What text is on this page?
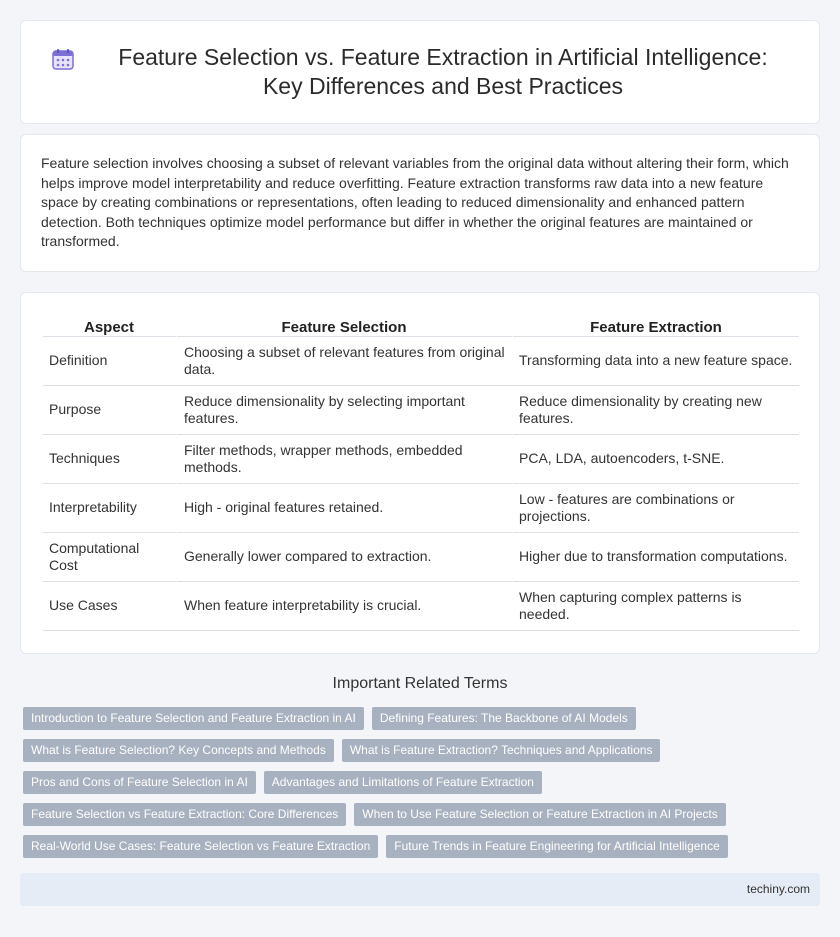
Feature Selection vs. Feature Extraction in Artificial Intelligence: Key Differences and Best Practices

Feature selection involves choosing a subset of relevant variables from the original data without altering their form, which helps improve model interpretability and reduce overfitting. Feature extraction transforms raw data into a new feature space by creating combinations or representations, often leading to reduced dimensionality and enhanced pattern detection. Both techniques optimize model performance but differ in whether the original features are maintained or transformed.

Aspect	Feature Selection	Feature Extraction
Definition	Choosing a subset of relevant features from original data.	Transforming data into a new feature space.
Purpose	Reduce dimensionality by selecting important features.	Reduce dimensionality by creating new features.
Techniques	Filter methods, wrapper methods, embedded methods.	PCA, LDA, autoencoders, t-SNE.
Interpretability	High - original features retained.	Low - features are combinations or projections.
Computational Cost	Generally lower compared to extraction.	Higher due to transformation computations.
Use Cases	When feature interpretability is crucial.	When capturing complex patterns is needed.
Important Related Terms
Introduction to Feature Selection and Feature Extraction in AI	Defining Features: The Backbone of AI Models
What is Feature Selection? Key Concepts and Methods	What is Feature Extraction? Techniques and Applications
Pros and Cons of Feature Selection in AI	Advantages and Limitations of Feature Extraction
Feature Selection vs Feature Extraction: Core Differences	When to Use Feature Selection or Feature Extraction in AI Projects
Real-World Use Cases: Feature Selection vs Feature Extraction	Future Trends in Feature Engineering for Artificial Intelligence
techiny.com
